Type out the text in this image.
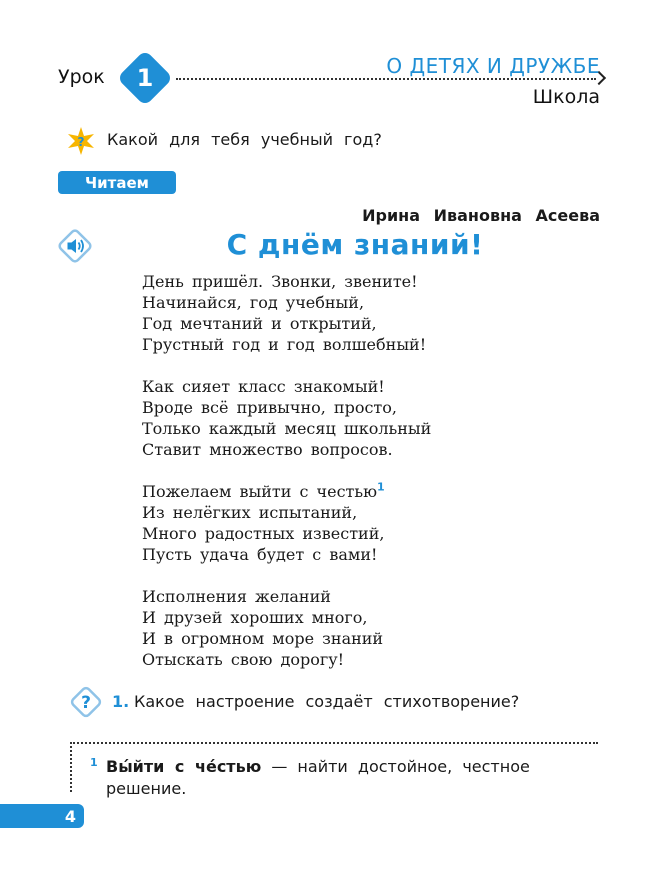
Урок	1	О ДЕТЯХ И ДРУЖБЕ
Школа
? Какой для тебя учебный год?
Читаем
Ирина Ивановна Асеева
С днём знаний!
День пришёл. Звонки, звените!
Начинайся, год учебный,
Год мечтаний и открытий,
Грустный год и год волшебный!
Как сияет класс знакомый!
Вроде всё привычно, просто,
Только каждый месяц школьный
Ставит множество вопросов.
Пожелаем выйти с честью$^1$
Из нелёгких испытаний,
Много радостных известий,
Пусть удача будет с вами!
Исполнения желаний
И друзей хороших много,
И в огромном море знаний
Отыскать свою дорогу!
? 1. Какое настроение создаёт стихотворение?
1 Вы́йти с че́стью — найти достойное, честное решение.
4
